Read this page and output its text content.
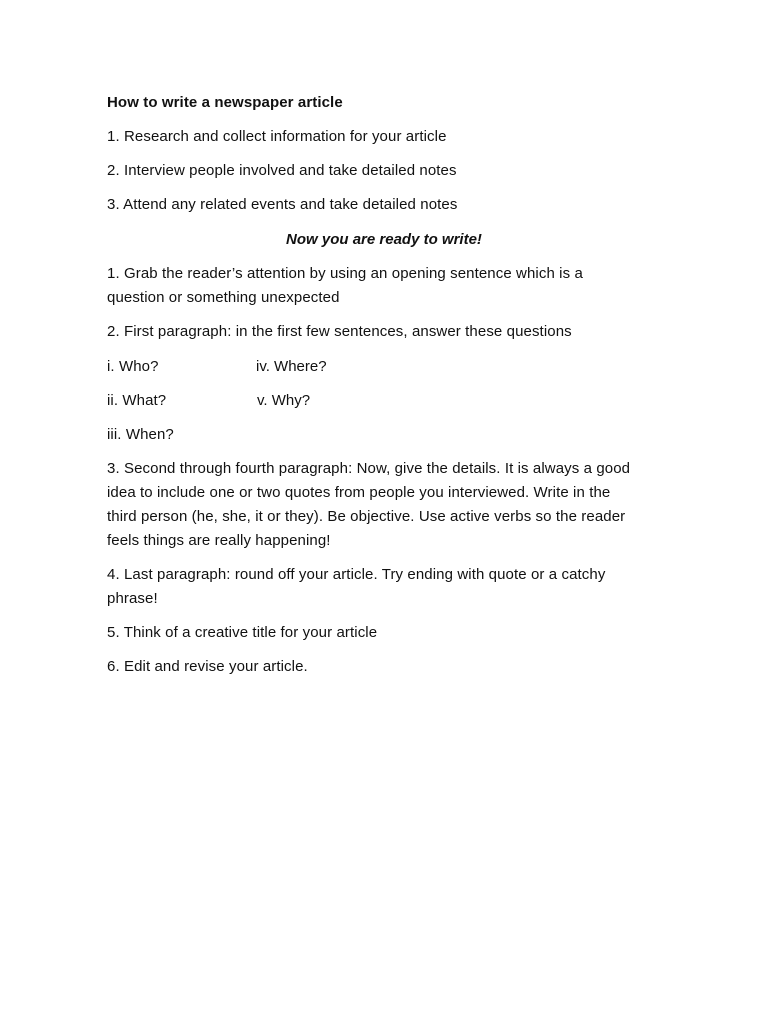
How to write a newspaper article
1. Research and collect information for your article
2. Interview people involved and take detailed notes
3. Attend any related events and take detailed notes
Now you are ready to write!
1. Grab the reader’s attention by using an opening sentence which is a
question or something unexpected
2. First paragraph: in the first few sentences, answer these questions
i. Who?	iv. Where?
ii. What?	v. Why?
iii. When?
3. Second through fourth paragraph: Now, give the details. It is always a good
idea to include one or two quotes from people you interviewed. Write in the
third person (he, she, it or they). Be objective. Use active verbs so the reader
feels things are really happening!
4. Last paragraph: round off your article. Try ending with quote or a catchy
phrase!
5. Think of a creative title for your article
6. Edit and revise your article.
